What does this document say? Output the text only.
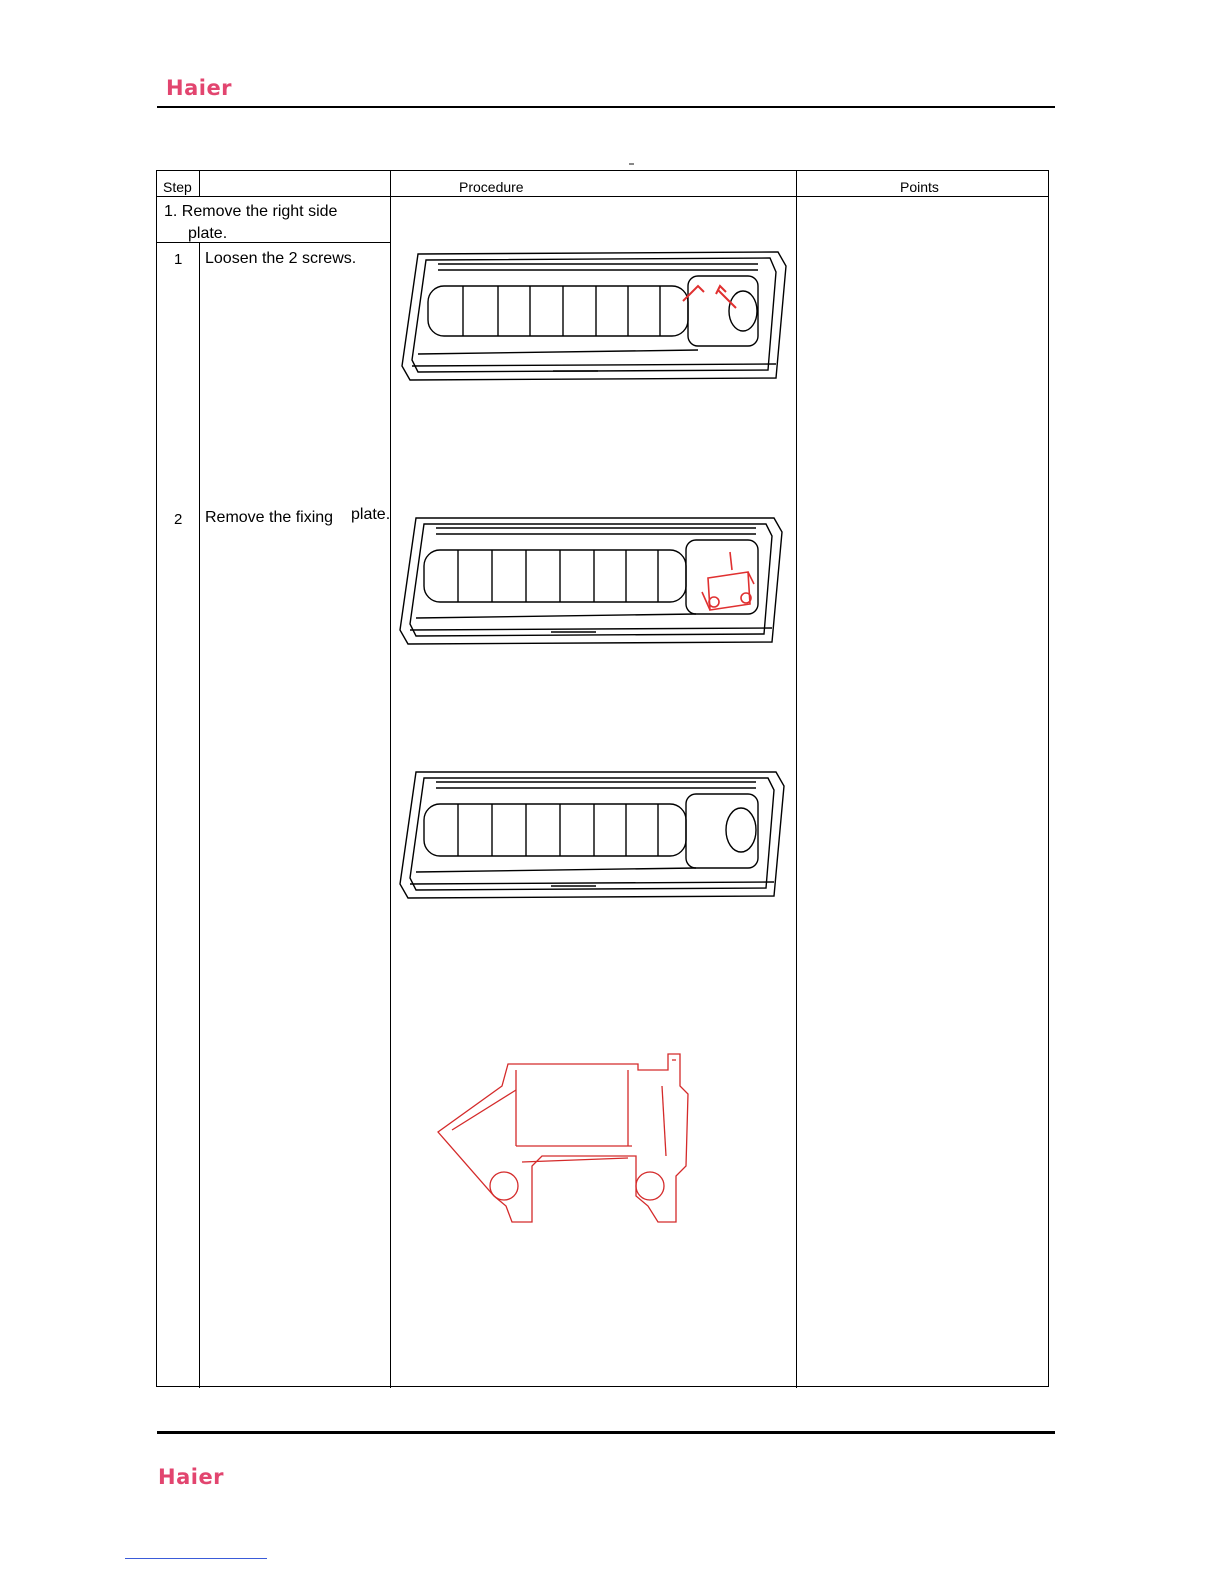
Haier
Step	Procedure	Points
1. Remove the right side
plate.
1 Loosen the 2 screws.
2 Remove the fixing plate.
Haier
